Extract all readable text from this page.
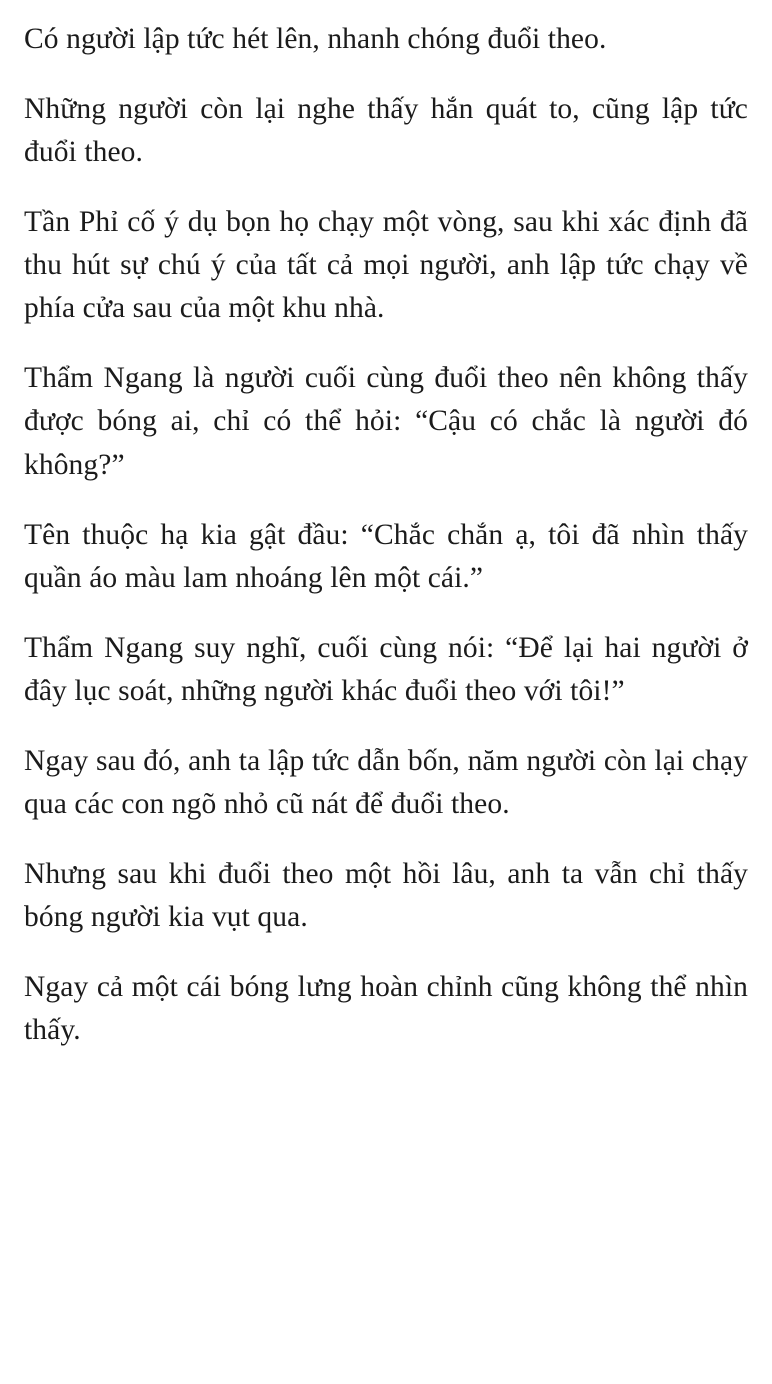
Có người lập tức hét lên, nhanh chóng đuổi theo.

Những người còn lại nghe thấy hắn quát to, cũng lập tức đuổi theo.

Tần Phỉ cố ý dụ bọn họ chạy một vòng, sau khi xác định đã thu hút sự chú ý của tất cả mọi người, anh lập tức chạy về phía cửa sau của một khu nhà.

Thẩm Ngang là người cuối cùng đuổi theo nên không thấy được bóng ai, chỉ có thể hỏi: “Cậu có chắc là người đó không?”

Tên thuộc hạ kia gật đầu: “Chắc chắn ạ, tôi đã nhìn thấy quần áo màu lam nhoáng lên một cái.”

Thẩm Ngang suy nghĩ, cuối cùng nói: “Để lại hai người ở đây lục soát, những người khác đuổi theo với tôi!”

Ngay sau đó, anh ta lập tức dẫn bốn, năm người còn lại chạy qua các con ngõ nhỏ cũ nát để đuổi theo.

Nhưng sau khi đuổi theo một hồi lâu, anh ta vẫn chỉ thấy bóng người kia vụt qua.

Ngay cả một cái bóng lưng hoàn chỉnh cũng không thể nhìn thấy.
